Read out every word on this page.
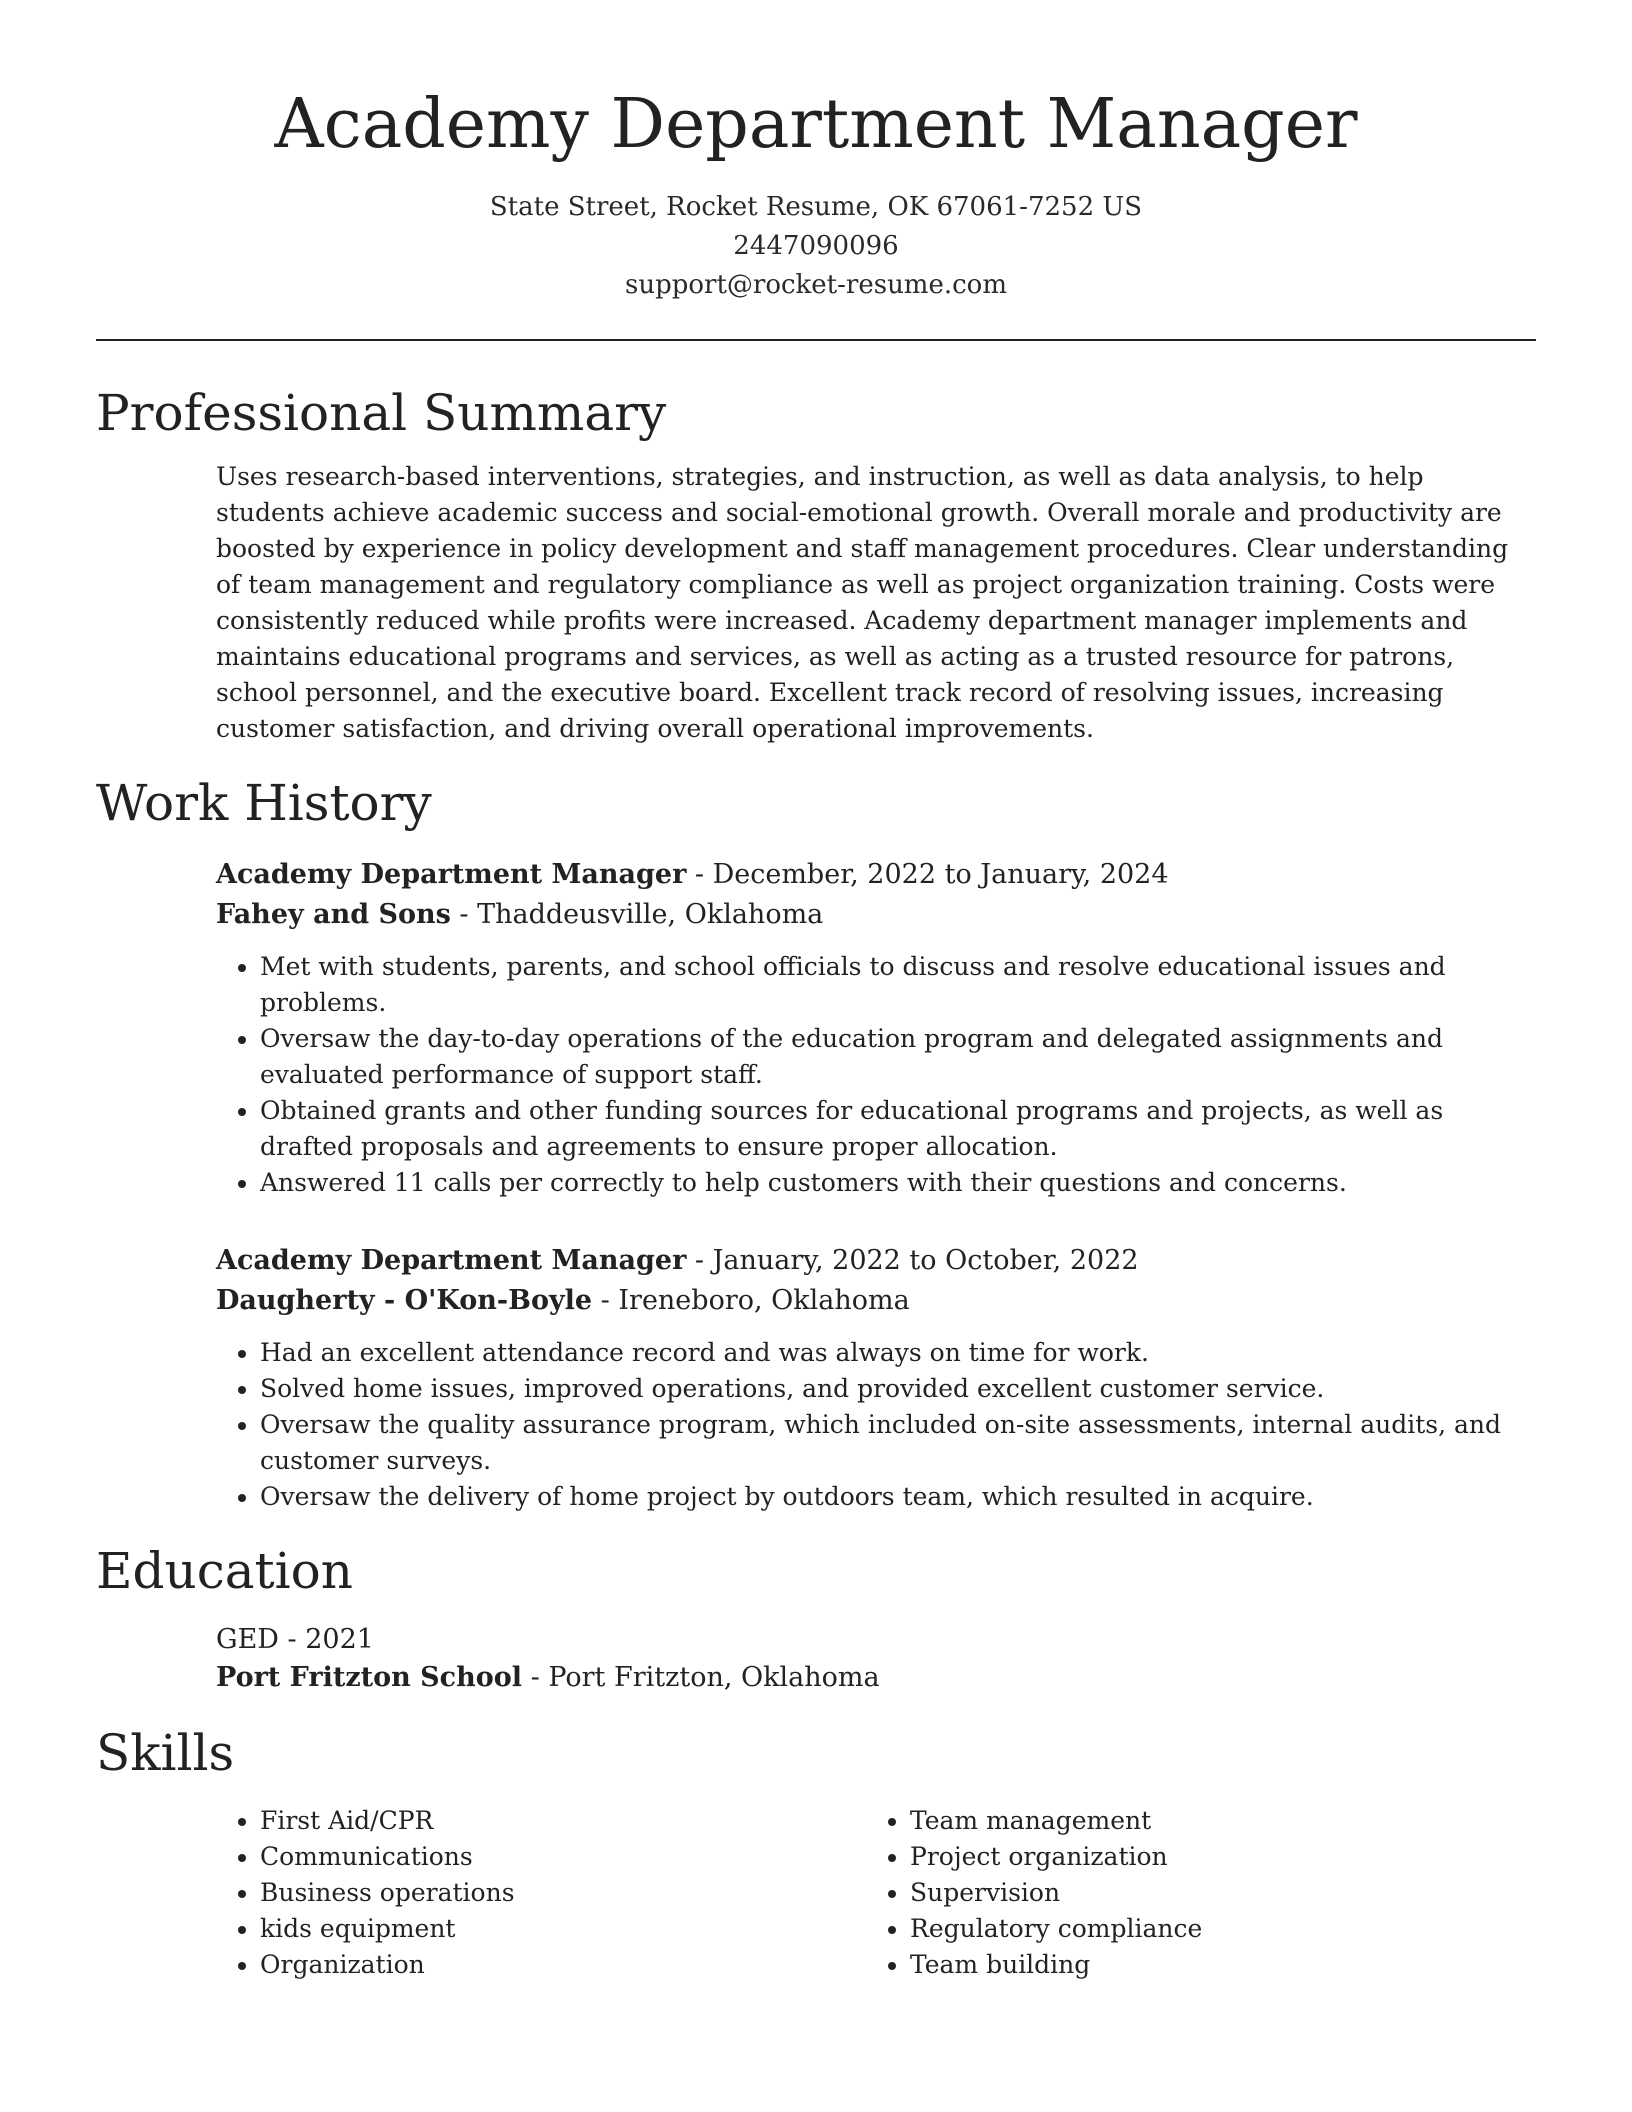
Academy Department Manager
State Street, Rocket Resume, OK 67061-7252 US
2447090096
support@rocket-resume.com
Professional Summary
Uses research-based interventions, strategies, and instruction, as well as data analysis, to help students achieve academic success and social-emotional growth. Overall morale and productivity are boosted by experience in policy development and staff management procedures. Clear understanding of team management and regulatory compliance as well as project organization training. Costs were consistently reduced while profits were increased. Academy department manager implements and maintains educational programs and services, as well as acting as a trusted resource for patrons, school personnel, and the executive board. Excellent track record of resolving issues, increasing customer satisfaction, and driving overall operational improvements.
Work History
Academy Department Manager - December, 2022 to January, 2024
Fahey and Sons - Thaddeusville, Oklahoma
• Met with students, parents, and school officials to discuss and resolve educational issues and problems.
• Oversaw the day-to-day operations of the education program and delegated assignments and evaluated performance of support staff.
• Obtained grants and other funding sources for educational programs and projects, as well as drafted proposals and agreements to ensure proper allocation.
• Answered 11 calls per correctly to help customers with their questions and concerns.
Academy Department Manager - January, 2022 to October, 2022
Daugherty - O'Kon-Boyle - Ireneboro, Oklahoma
• Had an excellent attendance record and was always on time for work.
• Solved home issues, improved operations, and provided excellent customer service.
• Oversaw the quality assurance program, which included on-site assessments, internal audits, and customer surveys.
• Oversaw the delivery of home project by outdoors team, which resulted in acquire.
Education
GED - 2021
Port Fritzton School - Port Fritzton, Oklahoma
Skills
• First Aid/CPR
• Communications
• Business operations
• kids equipment
• Organization
• Team management
• Project organization
• Supervision
• Regulatory compliance
• Team building
